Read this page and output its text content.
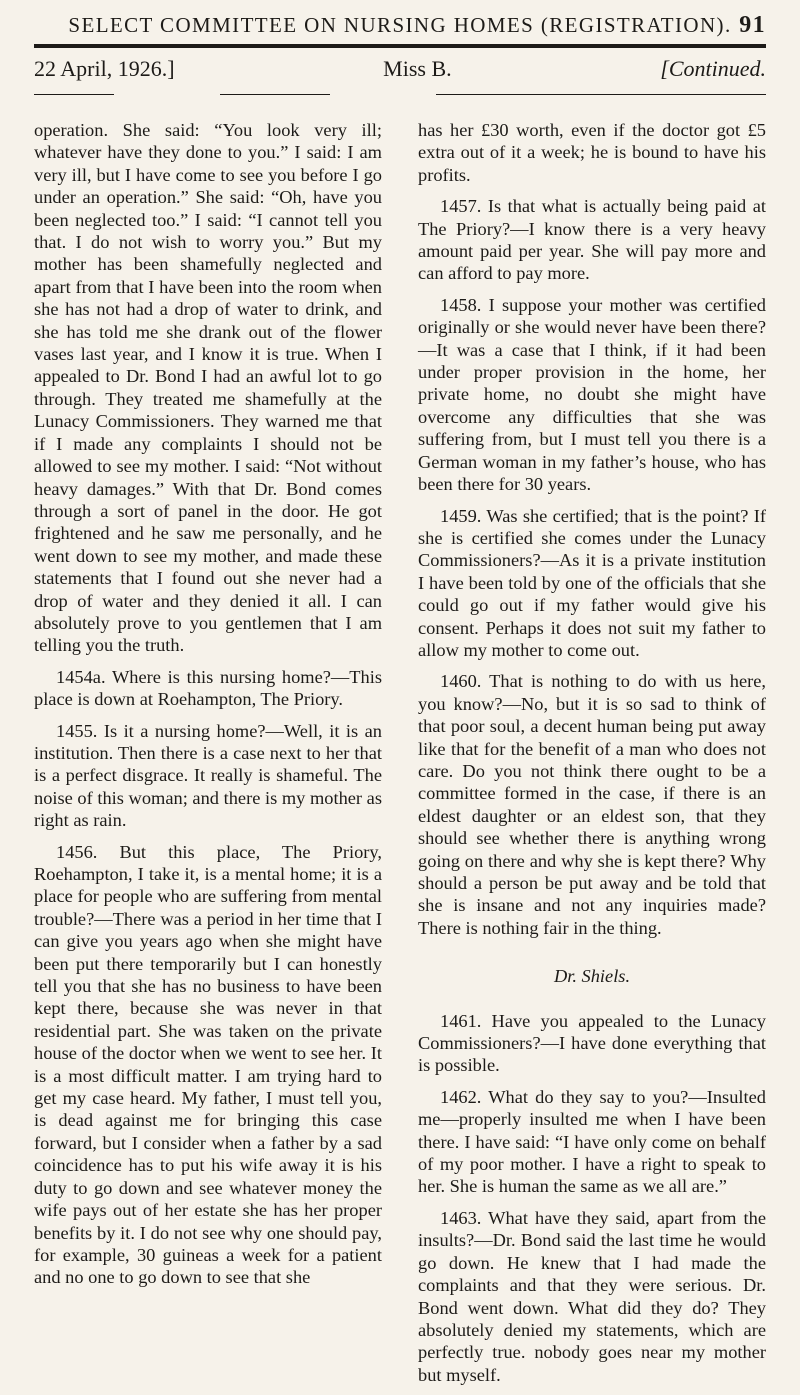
SELECT COMMITTEE ON NURSING HOMES (REGISTRATION). 91
22 April, 1926.]	Miss B.	[Continued.

operation. She said: “You look very ill; whatever have they done to you.” I said: I am very ill, but I have come to see you before I go under an operation.” She said: “Oh, have you been neglected too.” I said: “I cannot tell you that. I do not wish to worry you.” But my mother has been shamefully neglected and apart from that I have been into the room when she has not had a drop of water to drink, and she has told me she drank out of the flower vases last year, and I know it is true. When I appealed to Dr. Bond I had an awful lot to go through. They treated me shamefully at the Lunacy Commissioners. They warned me that if I made any complaints I should not be allowed to see my mother. I said: “Not without heavy damages.” With that Dr. Bond comes through a sort of panel in the door. He got frightened and he saw me personally, and he went down to see my mother, and made these statements that I found out she never had a drop of water and they denied it all. I can absolutely prove to you gentlemen that I am telling you the truth.

1454a. Where is this nursing home?—This place is down at Roehampton, The Priory.

1455. Is it a nursing home?—Well, it is an institution. Then there is a case next to her that is a perfect disgrace. It really is shameful. The noise of this woman; and there is my mother as right as rain.

1456. But this place, The Priory, Roehampton, I take it, is a mental home; it is a place for people who are suffering from mental trouble?—There was a period in her time that I can give you years ago when she might have been put there temporarily but I can honestly tell you that she has no business to have been kept there, because she was never in that residential part. She was taken on the private house of the doctor when we went to see her. It is a most difficult matter. I am trying hard to get my case heard. My father, I must tell you, is dead against me for bringing this case forward, but I consider when a father by a sad coincidence has to put his wife away it is his duty to go down and see whatever money the wife pays out of her estate she has her proper benefits by it. I do not see why one should pay, for example, 30 guineas a week for a patient and no one to go down to see that she

has her £30 worth, even if the doctor got £5 extra out of it a week; he is bound to have his profits.

1457. Is that what is actually being paid at The Priory?—I know there is a very heavy amount paid per year. She will pay more and can afford to pay more.

1458. I suppose your mother was certified originally or she would never have been there?—It was a case that I think, if it had been under proper provision in the home, her private home, no doubt she might have overcome any difficulties that she was suffering from, but I must tell you there is a German woman in my father’s house, who has been there for 30 years.

1459. Was she certified; that is the point? If she is certified she comes under the Lunacy Commissioners?—As it is a private institution I have been told by one of the officials that she could go out if my father would give his consent. Perhaps it does not suit my father to allow my mother to come out.

1460. That is nothing to do with us here, you know?—No, but it is so sad to think of that poor soul, a decent human being put away like that for the benefit of a man who does not care. Do you not think there ought to be a committee formed in the case, if there is an eldest daughter or an eldest son, that they should see whether there is anything wrong going on there and why she is kept there? Why should a person be put away and be told that she is insane and not any inquiries made? There is nothing fair in the thing.

Dr. Shiels.

1461. Have you appealed to the Lunacy Commissioners?—I have done everything that is possible.

1462. What do they say to you?—Insulted me—properly insulted me when I have been there. I have said: “I have only come on behalf of my poor mother. I have a right to speak to her. She is human the same as we all are.”

1463. What have they said, apart from the insults?—Dr. Bond said the last time he would go down. He knew that I had made the complaints and that they were serious. Dr. Bond went down. What did they do? They absolutely denied my statements, which are perfectly true. nobody goes near my mother but myself.
